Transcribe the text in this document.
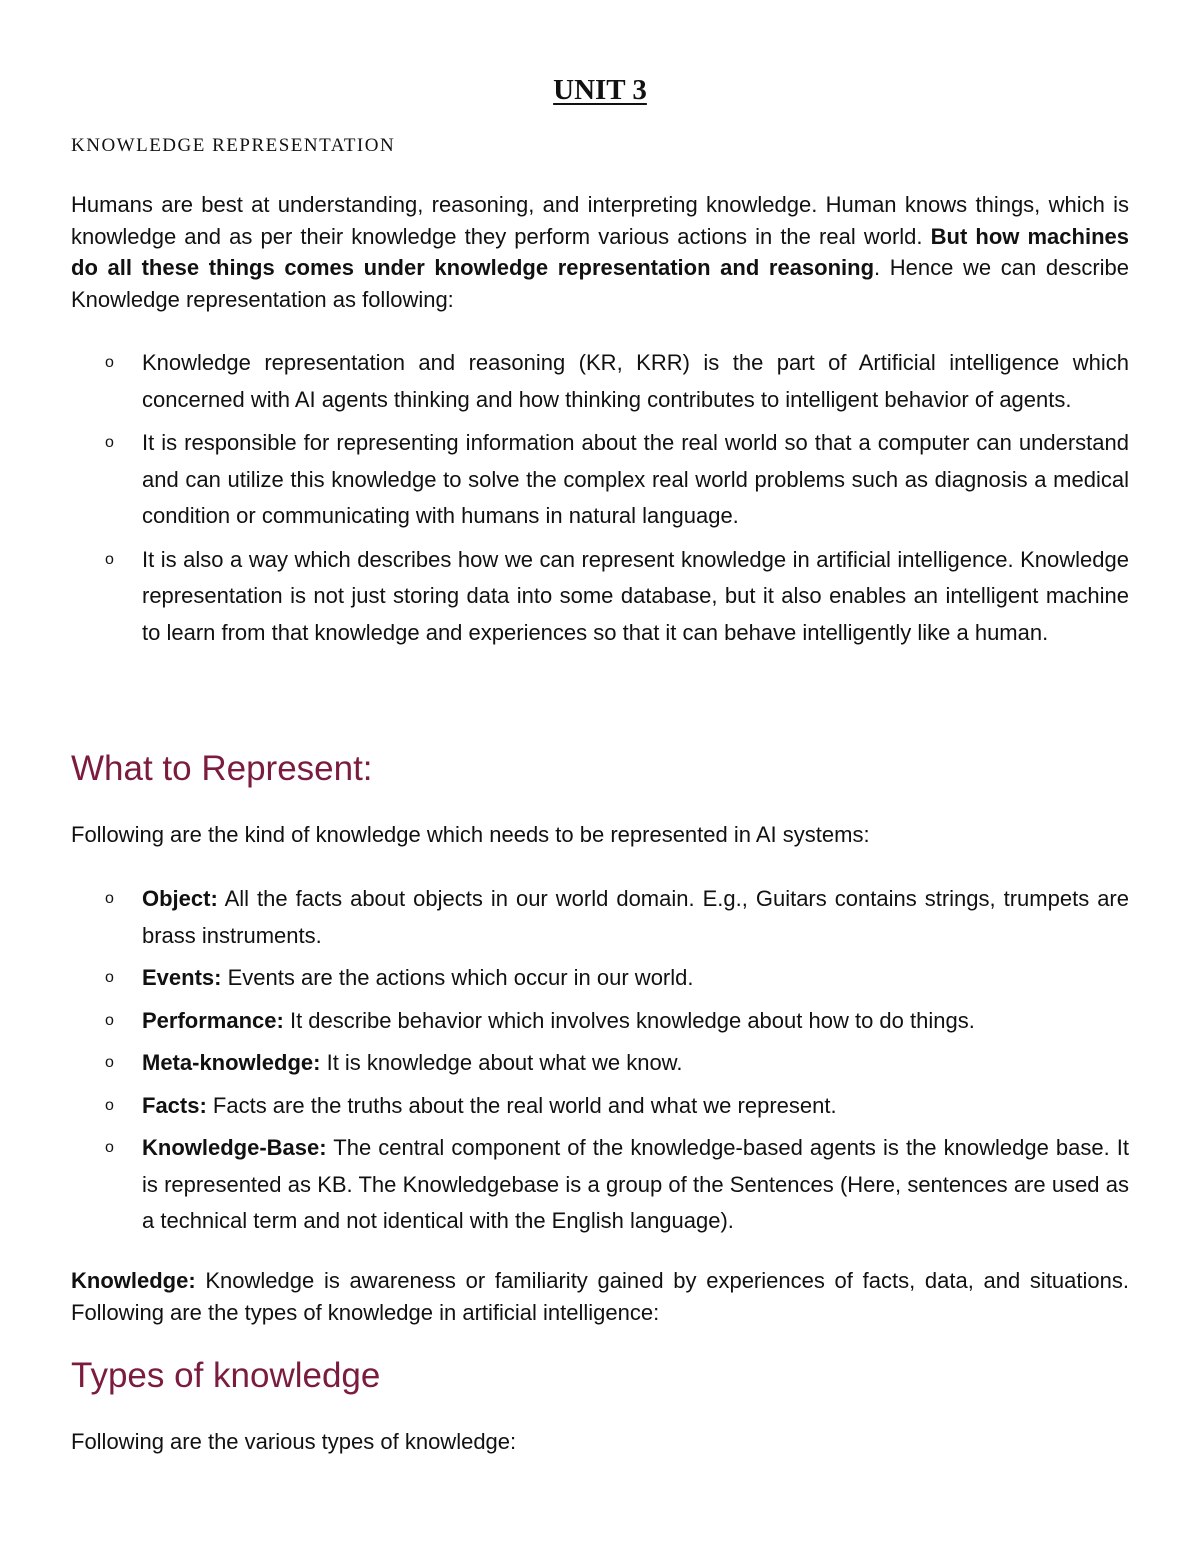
UNIT 3
KNOWLEDGE REPRESENTATION

Humans are best at understanding, reasoning, and interpreting knowledge. Human knows things, which is knowledge and as per their knowledge they perform various actions in the real world. But how machines do all these things comes under knowledge representation and reasoning. Hence we can describe Knowledge representation as following:

o Knowledge representation and reasoning (KR, KRR) is the part of Artificial intelligence which concerned with AI agents thinking and how thinking contributes to intelligent behavior of agents.
o It is responsible for representing information about the real world so that a computer can understand and can utilize this knowledge to solve the complex real world problems such as diagnosis a medical condition or communicating with humans in natural language.
o It is also a way which describes how we can represent knowledge in artificial intelligence. Knowledge representation is not just storing data into some database, but it also enables an intelligent machine to learn from that knowledge and experiences so that it can behave intelligently like a human.
What to Represent:

Following are the kind of knowledge which needs to be represented in AI systems:

o Object: All the facts about objects in our world domain. E.g., Guitars contains strings, trumpets are brass instruments.
o Events: Events are the actions which occur in our world.
o Performance: It describe behavior which involves knowledge about how to do things.
o Meta-knowledge: It is knowledge about what we know.
o Facts: Facts are the truths about the real world and what we represent.
o Knowledge-Base: The central component of the knowledge-based agents is the knowledge base. It is represented as KB. The Knowledgebase is a group of the Sentences (Here, sentences are used as a technical term and not identical with the English language).

Knowledge: Knowledge is awareness or familiarity gained by experiences of facts, data, and situations. Following are the types of knowledge in artificial intelligence:

Types of knowledge

Following are the various types of knowledge:
